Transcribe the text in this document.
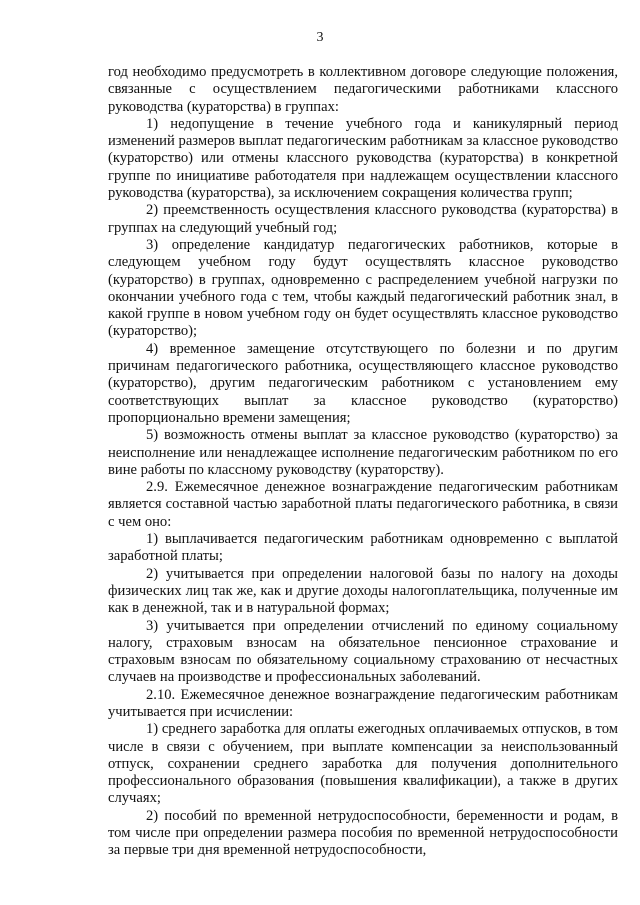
3

год необходимо предусмотреть в коллективном договоре следующие положения, связанные с осуществлением педагогическими работниками классного руководства (кураторства) в группах:

1) недопущение в течение учебного года и каникулярный период изменений размеров выплат педагогическим работникам за классное руководство (кураторство) или отмены классного руководства (кураторства) в конкретной группе по инициативе работодателя при надлежащем осуществлении классного руководства (кураторства), за исключением сокращения количества групп;

2) преемственность осуществления классного руководства (кураторства) в группах на следующий учебный год;

3) определение кандидатур педагогических работников, которые в следующем учебном году будут осуществлять классное руководство (кураторство) в группах, одновременно с распределением учебной нагрузки по окончании учебного года с тем, чтобы каждый педагогический работник знал, в какой группе в новом учебном году он будет осуществлять классное руководство (кураторство);

4) временное замещение отсутствующего по болезни и по другим причинам педагогического работника, осуществляющего классное руководство (кураторство), другим педагогическим работником с установлением ему соответствующих выплат за классное руководство (кураторство) пропорционально времени замещения;

5) возможность отмены выплат за классное руководство (кураторство) за неисполнение или ненадлежащее исполнение педагогическим работником по его вине работы по классному руководству (кураторству).

2.9. Ежемесячное денежное вознаграждение педагогическим работникам является составной частью заработной платы педагогического работника, в связи с чем оно:

1) выплачивается педагогическим работникам одновременно с выплатой заработной платы;

2) учитывается при определении налоговой базы по налогу на доходы физических лиц так же, как и другие доходы налогоплательщика, полученные им как в денежной, так и в натуральной формах;

3) учитывается при определении отчислений по единому социальному налогу, страховым взносам на обязательное пенсионное страхование и страховым взносам по обязательному социальному страхованию от несчастных случаев на производстве и профессиональных заболеваний.

2.10. Ежемесячное денежное вознаграждение педагогическим работникам учитывается при исчислении:

1) среднего заработка для оплаты ежегодных оплачиваемых отпусков, в том числе в связи с обучением, при выплате компенсации за неиспользованный отпуск, сохранении среднего заработка для получения дополнительного профессионального образования (повышения квалификации), а также в других случаях;

2) пособий по временной нетрудоспособности, беременности и родам, в том числе при определении размера пособия по временной нетрудоспособности за первые три дня временной нетрудоспособности,
